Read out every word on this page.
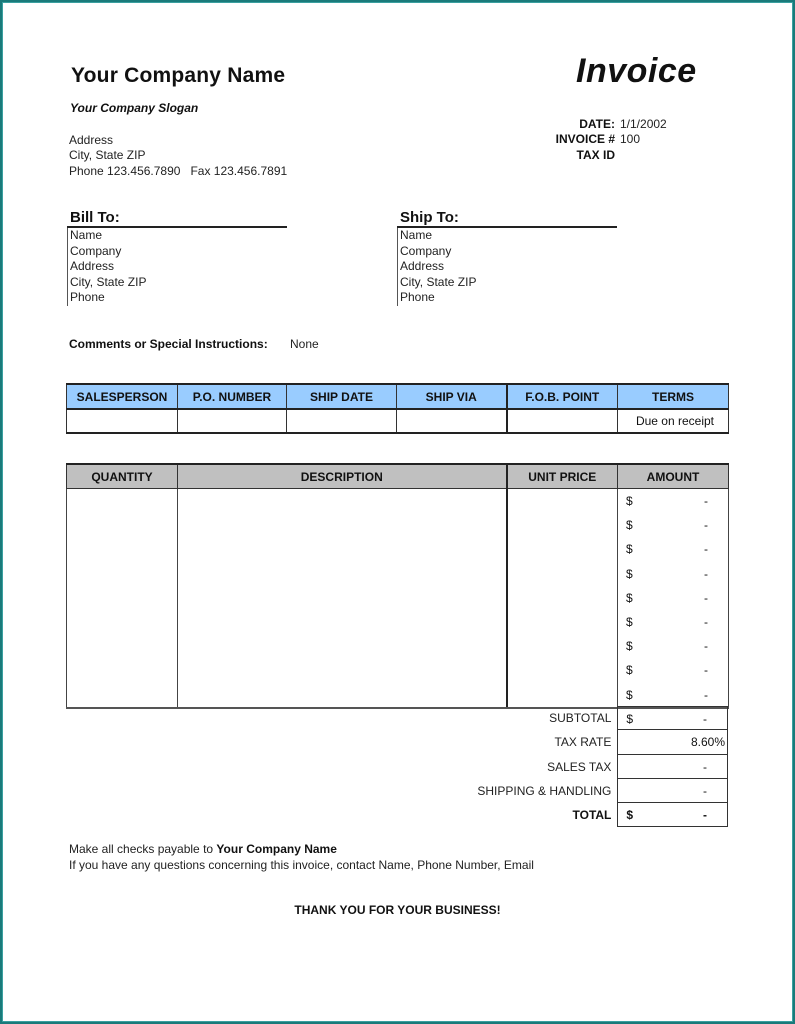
Your Company Name
Your Company Slogan
Address
City, State ZIP
Phone 123.456.7890   Fax 123.456.7891
Invoice
DATE: 1/1/2002
INVOICE # 100
TAX ID
Bill To:
Name
Company
Address
City, State ZIP
Phone
Ship To:
Name
Company
Address
City, State ZIP
Phone
Comments or Special Instructions: None
SALESPERSON	P.O. NUMBER	SHIP DATE	SHIP VIA	F.O.B. POINT	TERMS
					Due on receipt
QUANTITY	DESCRIPTION	UNIT PRICE	AMOUNT

			$ -

			$ -

			$ -

			$ -

			$ -

			$ -

			$ -

			$ -

			$ -
SUBTOTAL	$	-
TAX RATE	8.60%
SALES TAX	-
SHIPPING & HANDLING	-
TOTAL	$	-
Make all checks payable to Your Company Name
If you have any questions concerning this invoice, contact Name, Phone Number, Email
THANK YOU FOR YOUR BUSINESS!
